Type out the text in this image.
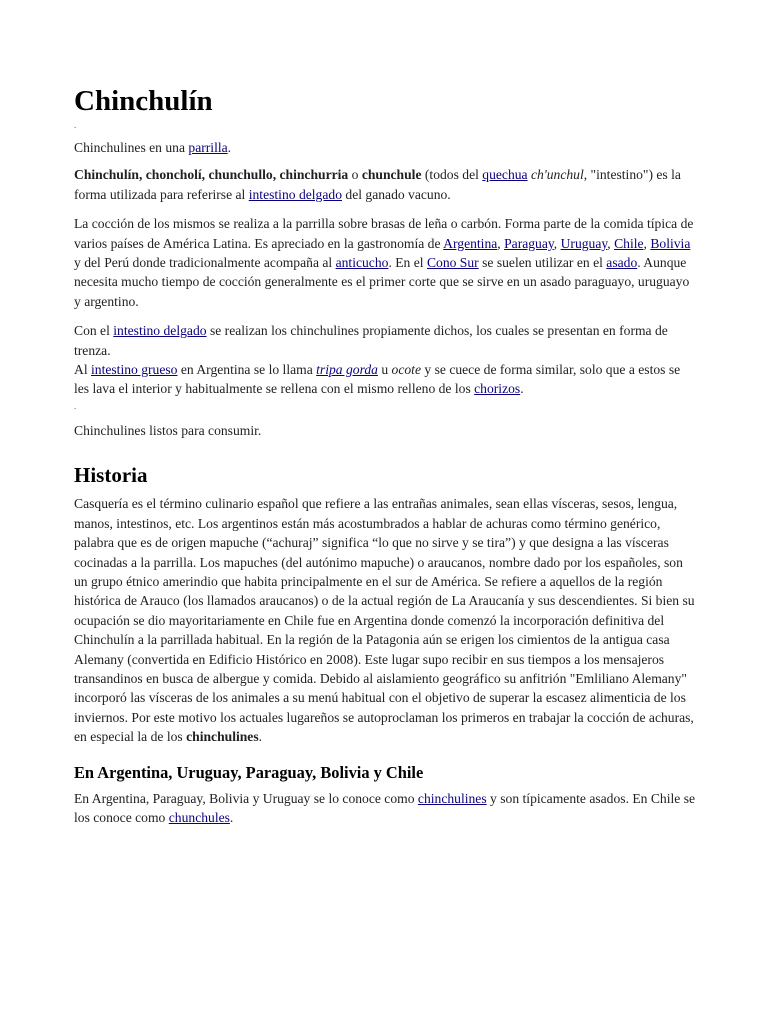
Chinchulín
.

Chinchulines en una parrilla.

Chinchulín, choncholí, chunchullo, chinchurria o chunchule (todos del quechua ch'unchul, "intestino") es la forma utilizada para referirse al intestino delgado del ganado vacuno.

La cocción de los mismos se realiza a la parrilla sobre brasas de leña o carbón. Forma parte de la comida típica de varios países de América Latina. Es apreciado en la gastronomía de Argentina, Paraguay, Uruguay, Chile, Bolivia y del Perú donde tradicionalmente acompaña al anticucho. En el Cono Sur se suelen utilizar en el asado. Aunque necesita mucho tiempo de cocción generalmente es el primer corte que se sirve en un asado paraguayo, uruguayo y argentino.

Con el intestino delgado se realizan los chinchulines propiamente dichos, los cuales se presentan en forma de trenza.
Al intestino grueso en Argentina se lo llama tripa gorda u ocote y se cuece de forma similar, solo que a estos se les lava el interior y habitualmente se rellena con el mismo relleno de los chorizos.

.

Chinchulines listos para consumir.

Historia

Casquería es el término culinario español que refiere a las entrañas animales, sean ellas vísceras, sesos, lengua, manos, intestinos, etc. Los argentinos están más acostumbrados a hablar de achuras como término genérico, palabra que es de origen mapuche (“achuraj” significa “lo que no sirve y se tira”) y que designa a las vísceras cocinadas a la parrilla. Los mapuches (del autónimo mapuche) o araucanos, nombre dado por los españoles, son un grupo étnico amerindio que habita principalmente en el sur de América. Se refiere a aquellos de la región histórica de Arauco (los llamados araucanos) o de la actual región de La Araucanía y sus descendientes. Si bien su ocupación se dio mayoritariamente en Chile fue en Argentina donde comenzó la incorporación definitiva del Chinchulín a la parrillada habitual. En la región de la Patagonia aún se erigen los cimientos de la antigua casa Alemany (convertida en Edificio Histórico en 2008). Este lugar supo recibir en sus tiempos a los mensajeros transandinos en busca de albergue y comida. Debido al aislamiento geográfico su anfitrión "Emliliano Alemany" incorporó las vísceras de los animales a su menú habitual con el objetivo de superar la escasez alimenticia de los inviernos. Por este motivo los actuales lugareños se autoproclaman los primeros en trabajar la cocción de achuras, en especial la de los chinchulines.

En Argentina, Uruguay, Paraguay, Bolivia y Chile

En Argentina, Paraguay, Bolivia y Uruguay se lo conoce como chinchulines y son típicamente asados. En Chile se los conoce como chunchules.
